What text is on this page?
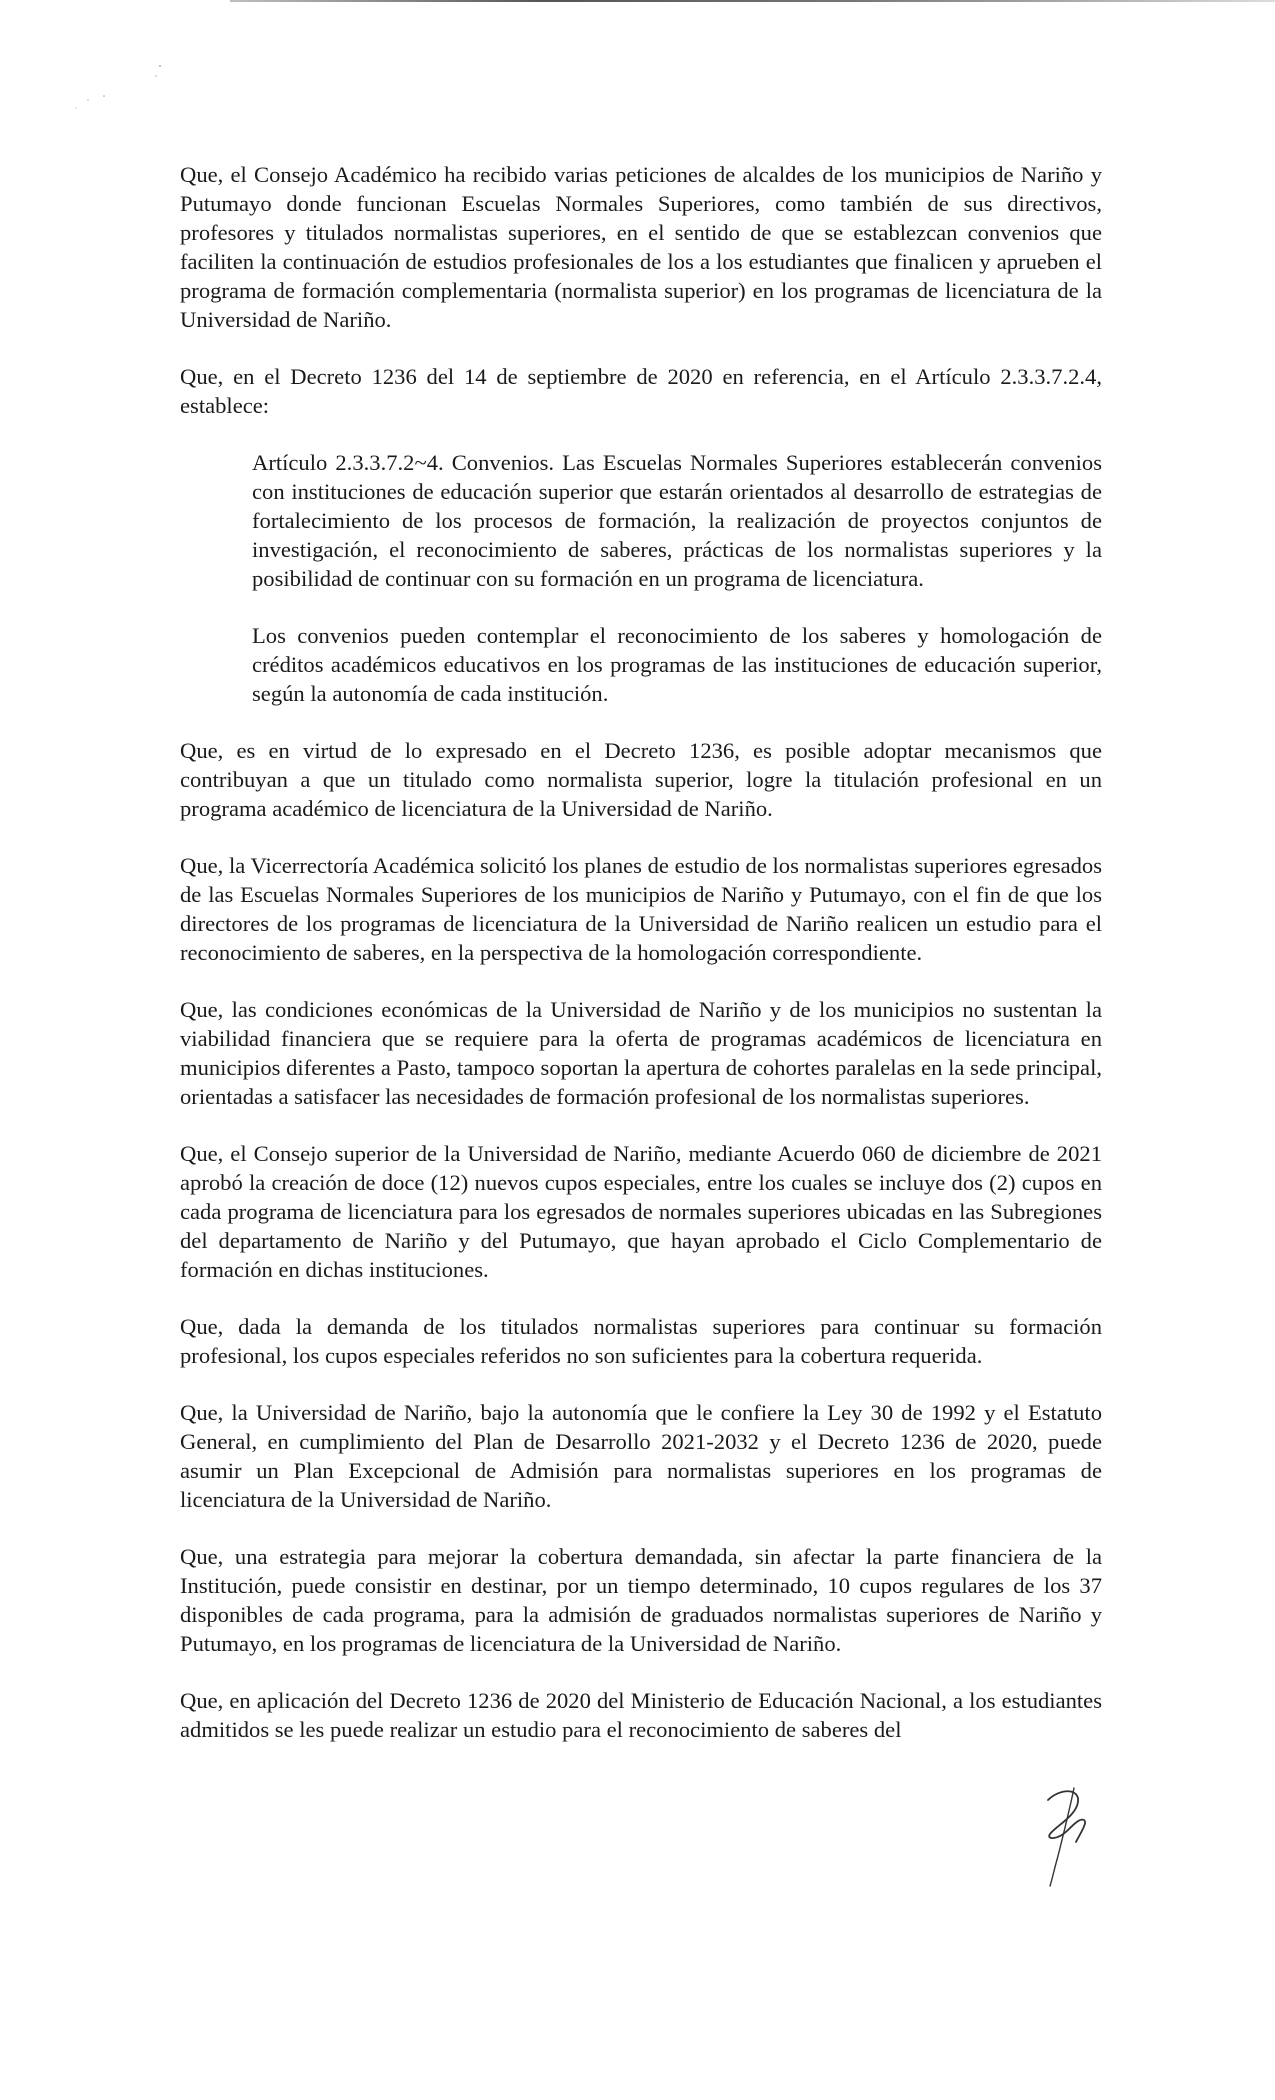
Que, el Consejo Académico ha recibido varias peticiones de alcaldes de los municipios de Nariño y Putumayo donde funcionan Escuelas Normales Superiores, como también de sus directivos, profesores y titulados normalistas superiores, en el sentido de que se establezcan convenios que faciliten la continuación de estudios profesionales de los a los estudiantes que finalicen y aprueben el programa de formación complementaria (normalista superior) en los programas de licenciatura de la Universidad de Nariño.

Que, en el Decreto 1236 del 14 de septiembre de 2020 en referencia, en el Artículo 2.3.3.7.2.4, establece:

Artículo 2.3.3.7.2~4. Convenios. Las Escuelas Normales Superiores establecerán convenios con instituciones de educación superior que estarán orientados al desarrollo de estrategias de fortalecimiento de los procesos de formación, la realización de proyectos conjuntos de investigación, el reconocimiento de saberes, prácticas de los normalistas superiores y la posibilidad de continuar con su formación en un programa de licenciatura.

Los convenios pueden contemplar el reconocimiento de los saberes y homologación de créditos académicos educativos en los programas de las instituciones de educación superior, según la autonomía de cada institución.

Que, es en virtud de lo expresado en el Decreto 1236, es posible adoptar mecanismos que contribuyan a que un titulado como normalista superior, logre la titulación profesional en un programa académico de licenciatura de la Universidad de Nariño.

Que, la Vicerrectoría Académica solicitó los planes de estudio de los normalistas superiores egresados de las Escuelas Normales Superiores de los municipios de Nariño y Putumayo, con el fin de que los directores de los programas de licenciatura de la Universidad de Nariño realicen un estudio para el reconocimiento de saberes, en la perspectiva de la homologación correspondiente.

Que, las condiciones económicas de la Universidad de Nariño y de los municipios no sustentan la viabilidad financiera que se requiere para la oferta de programas académicos de licenciatura en municipios diferentes a Pasto, tampoco soportan la apertura de cohortes paralelas en la sede principal, orientadas a satisfacer las necesidades de formación profesional de los normalistas superiores.

Que, el Consejo superior de la Universidad de Nariño, mediante Acuerdo 060 de diciembre de 2021 aprobó la creación de doce (12) nuevos cupos especiales, entre los cuales se incluye dos (2) cupos en cada programa de licenciatura para los egresados de normales superiores ubicadas en las Subregiones del departamento de Nariño y del Putumayo, que hayan aprobado el Ciclo Complementario de formación en dichas instituciones.

Que, dada la demanda de los titulados normalistas superiores para continuar su formación profesional, los cupos especiales referidos no son suficientes para la cobertura requerida.

Que, la Universidad de Nariño, bajo la autonomía que le confiere la Ley 30 de 1992 y el Estatuto General, en cumplimiento del Plan de Desarrollo 2021-2032 y el Decreto 1236 de 2020, puede asumir un Plan Excepcional de Admisión para normalistas superiores en los programas de licenciatura de la Universidad de Nariño.

Que, una estrategia para mejorar la cobertura demandada, sin afectar la parte financiera de la Institución, puede consistir en destinar, por un tiempo determinado, 10 cupos regulares de los 37 disponibles de cada programa, para la admisión de graduados normalistas superiores de Nariño y Putumayo, en los programas de licenciatura de la Universidad de Nariño.

Que, en aplicación del Decreto 1236 de 2020 del Ministerio de Educación Nacional, a los estudiantes admitidos se les puede realizar un estudio para el reconocimiento de saberes del
